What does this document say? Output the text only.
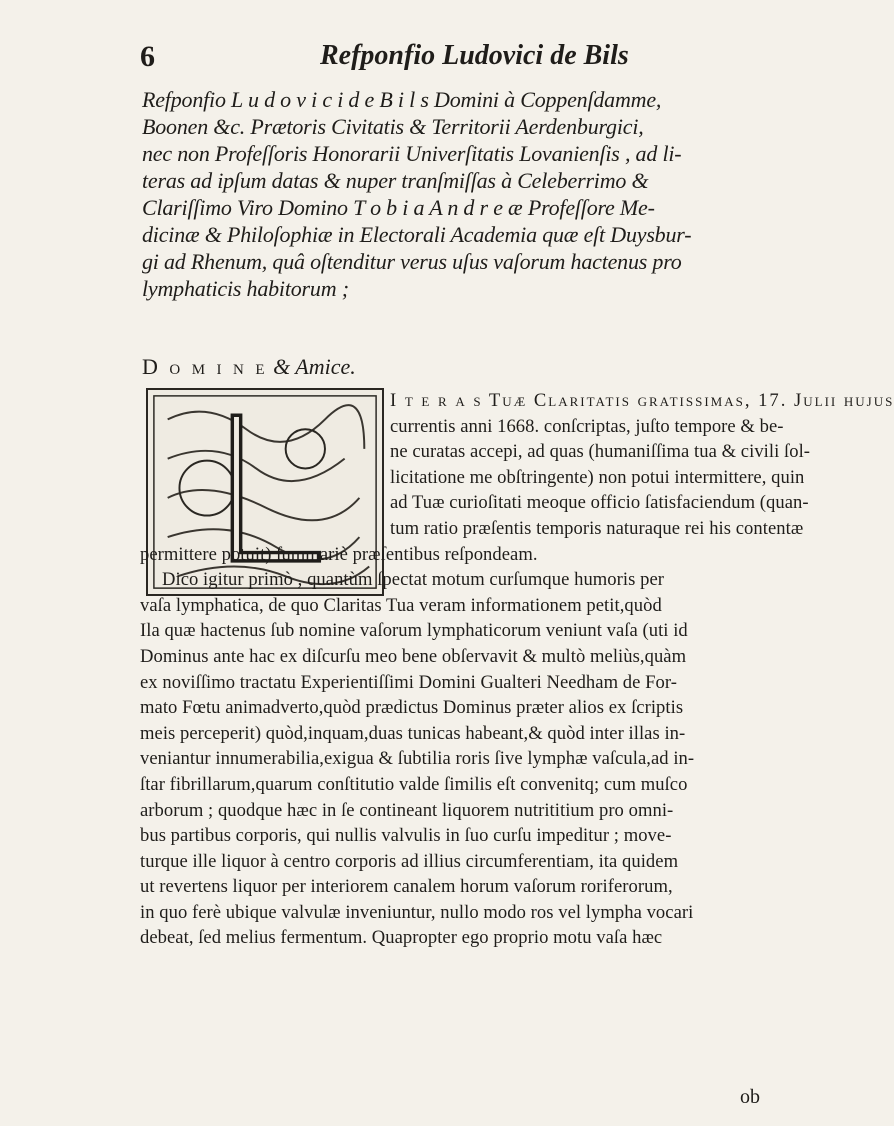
6	Refponfio Ludovici de Bils
Refponfio L u d o v i c i d e B i l s Domini à Coppenſdamme,
Boonen &c. Prætoris Civitatis & Territorii Aerdenburgici,
nec non Profeſſoris Honorarii Univerſitatis Lovanienſis , ad li-
teras ad ipſum datas & nuper tranſmiſſas à Celeberrimo &
Clariſſimo Viro Domino T o b i a A n d r e æ Profeſſore Me-
dicinæ & Philoſophiæ in Electorali Academia quæ eſt Duysbur-
gi ad Rhenum, quâ oſtenditur verus uſus vaſorum hactenus pro
lymphaticis habitorum ;
D o m i n e & Amice.
I t e r a s Tuæ Claritatis gratiſſimas, 17. Julii hujus
currentis anni 1668. conſcriptas, juſto tempore & be-
ne curatas accepi, ad quas (humaniſſima tua & civili ſol-
licitatione me obſtringente) non potui intermittere, quin
ad Tuæ curioſitati meoque officio ſatisfaciendum (quan-
tum ratio præſentis temporis naturaque rei his contentæ
permittere potuit) ſummariè præſentibus reſpondeam.
Dico igitur primò , quantùm ſpectat motum curſumque humoris per
vaſa lymphatica, de quo Claritas Tua veram informationem petit,quòd
Ila quæ hactenus ſub nomine vaſorum lymphaticorum veniunt vaſa (uti id
Dominus ante hac ex diſcurſu meo bene obſervavit & multò meliùs,quàm
ex noviſſimo tractatu Experientiſſimi Domini Gualteri Needham de For-
mato Fœtu animadverto,quòd prædictus Dominus præter alios ex ſcriptis
meis perceperit) quòd,inquam,duas tunicas habeant,& quòd inter illas in-
veniantur innumerabilia,exigua & ſubtilia roris ſive lymphæ vaſcula,ad in-
ſtar fibrillarum,quarum conſtitutio valde ſimilis eſt convenitq; cum muſco
arborum ; quodque hæc in ſe contineant liquorem nutrititium pro omni-
bus partibus corporis, qui nullis valvulis in ſuo curſu impeditur ; move-
turque ille liquor à centro corporis ad illius circumferentiam, ita quidem
ut revertens liquor per interiorem canalem horum vaſorum roriferorum,
in quo ferè ubique valvulæ inveniuntur, nullo modo ros vel lympha vocari
debeat, ſed melius fermentum. Quapropter ego proprio motu vaſa hæc
ob
